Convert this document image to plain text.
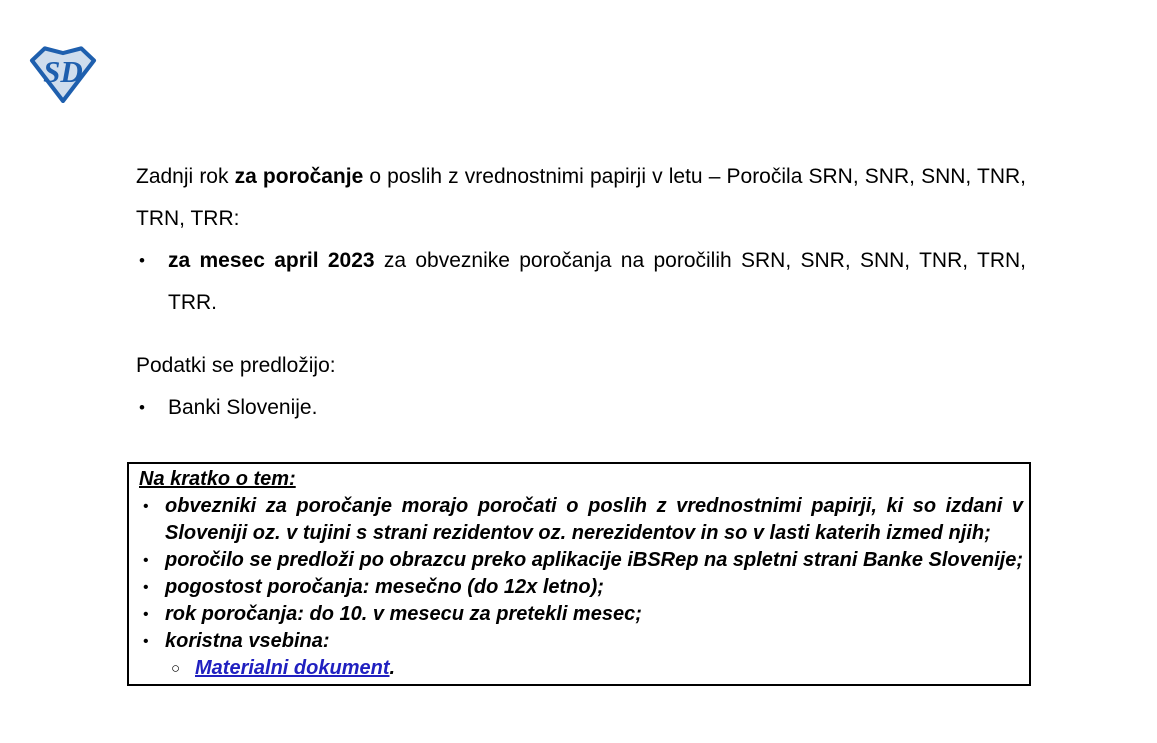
SD

Zadnji rok za poročanje o poslih z vrednostnimi papirji v letu – Poročila SRN, SNR, SNN, TNR, TRN, TRR:

•	za mesec april 2023 za obveznike poročanja na poročilih SRN, SNR, SNN, TNR, TRN, TRR.

Podatki se predložijo:

•	Banki Slovenije.

Na kratko o tem:

• obvezniki za poročanje morajo poročati o poslih z vrednostnimi papirji, ki so izdani v Sloveniji oz. v tujini s strani rezidentov oz. nerezidentov in so v lasti katerih izmed njih;

• poročilo se predloži po obrazcu preko aplikacije iBSRep na spletni strani Banke Slovenije;

• pogostost poročanja: mesečno (do 12x letno);

• rok poročanja: do 10. v mesecu za pretekli mesec;

• koristna vsebina:

○ Materialni dokument.
